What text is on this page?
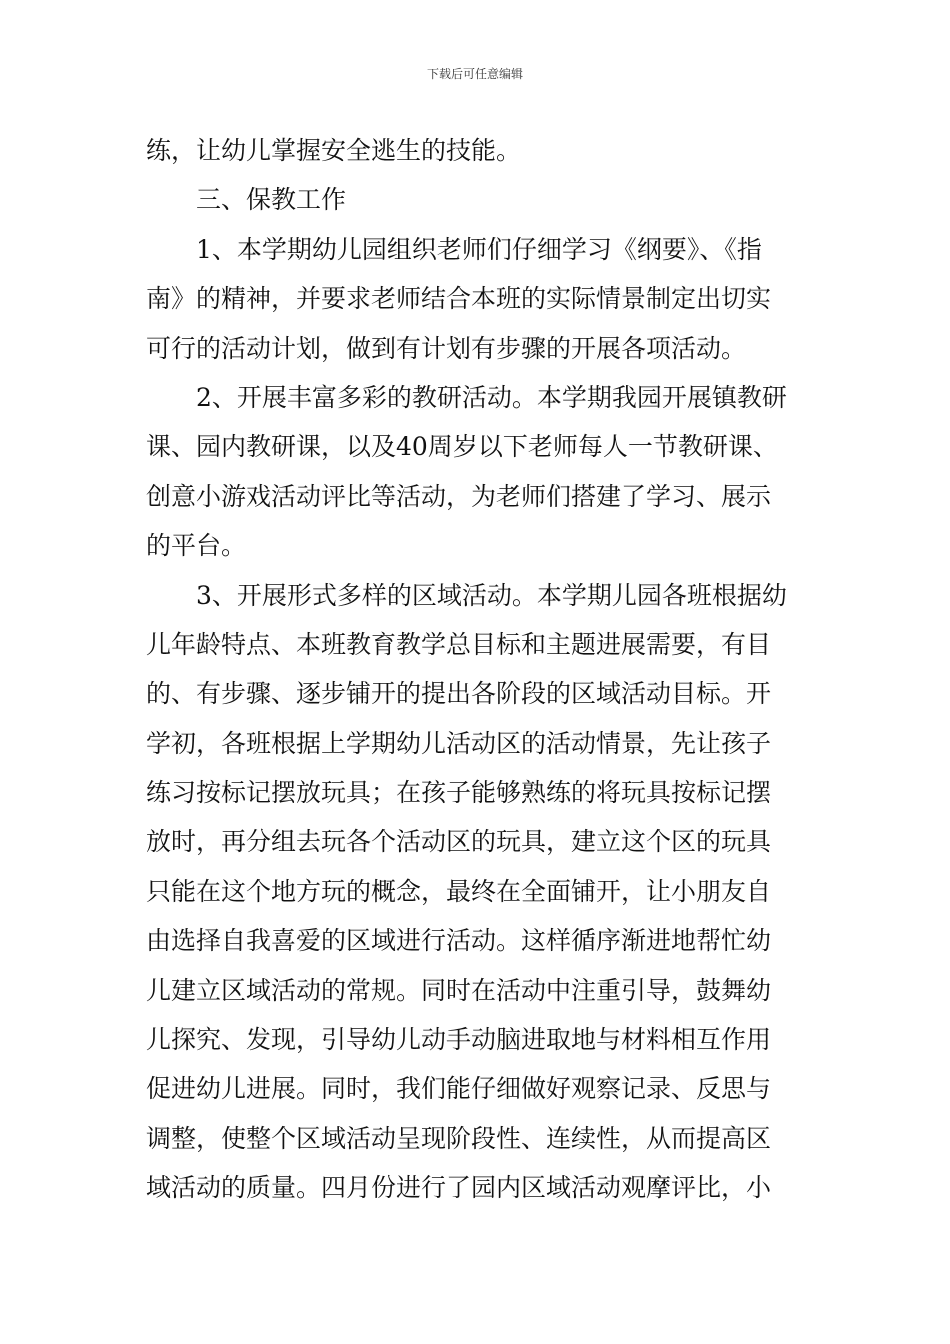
下载后可任意编辑
练，让幼儿掌握安全逃生的技能。
三、保教工作
1、本学期幼儿园组织老师们仔细学习《纲要》、《指
南》的精神，并要求老师结合本班的实际情景制定出切实
可行的活动计划，做到有计划有步骤的开展各项活动。
2、开展丰富多彩的教研活动。本学期我园开展镇教研
课、园内教研课，以及40周岁以下老师每人一节教研课、
创意小游戏活动评比等活动，为老师们搭建了学习、展示
的平台。
3、开展形式多样的区域活动。本学期儿园各班根据幼
儿年龄特点、本班教育教学总目标和主题进展需要，有目
的、有步骤、逐步铺开的提出各阶段的区域活动目标。开
学初，各班根据上学期幼儿活动区的活动情景，先让孩子
练习按标记摆放玩具；在孩子能够熟练的将玩具按标记摆
放时，再分组去玩各个活动区的玩具，建立这个区的玩具
只能在这个地方玩的概念，最终在全面铺开，让小朋友自
由选择自我喜爱的区域进行活动。这样循序渐进地帮忙幼
儿建立区域活动的常规。同时在活动中注重引导，鼓舞幼
儿探究、发现，引导幼儿动手动脑进取地与材料相互作用
促进幼儿进展。同时，我们能仔细做好观察记录、反思与
调整，使整个区域活动呈现阶段性、连续性，从而提高区
域活动的质量。四月份进行了园内区域活动观摩评比，小
